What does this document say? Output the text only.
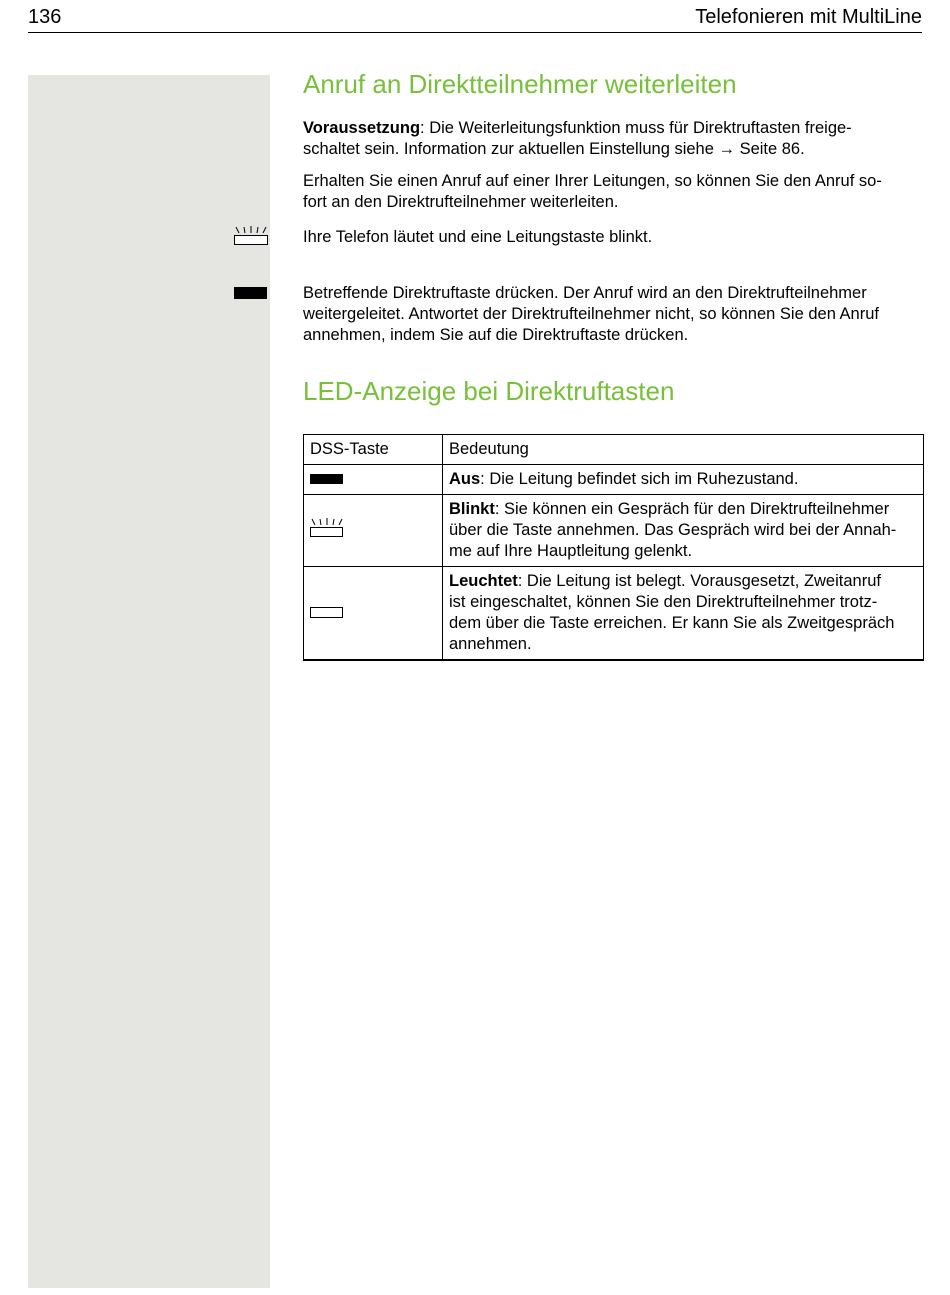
136	Telefonieren mit MultiLine
Anruf an Direktteilnehmer weiterleiten

Voraussetzung: Die Weiterleitungsfunktion muss für Direktruftasten freige-
schaltet sein. Information zur aktuellen Einstellung siehe → Seite 86.

Erhalten Sie einen Anruf auf einer Ihrer Leitungen, so können Sie den Anruf so-
fort an den Direktrufteilnehmer weiterleiten.

Ihre Telefon läutet und eine Leitungstaste blinkt.

Betreffende Direktruftaste drücken. Der Anruf wird an den Direktrufteilnehmer
weitergeleitet. Antwortet der Direktrufteilnehmer nicht, so können Sie den Anruf
annehmen, indem Sie auf die Direktruftaste drücken.

LED-Anzeige bei Direktruftasten
DSS-Taste	Bedeutung
	Aus: Die Leitung befindet sich im Ruhezustand.
	Blinkt: Sie können ein Gespräch für den Direktrufteilnehmer
über die Taste annehmen. Das Gespräch wird bei der Annah-
me auf Ihre Hauptleitung gelenkt.
	Leuchtet: Die Leitung ist belegt. Vorausgesetzt, Zweitanruf
ist eingeschaltet, können Sie den Direktrufteilnehmer trotz-
dem über die Taste erreichen. Er kann Sie als Zweitgespräch
annehmen.
